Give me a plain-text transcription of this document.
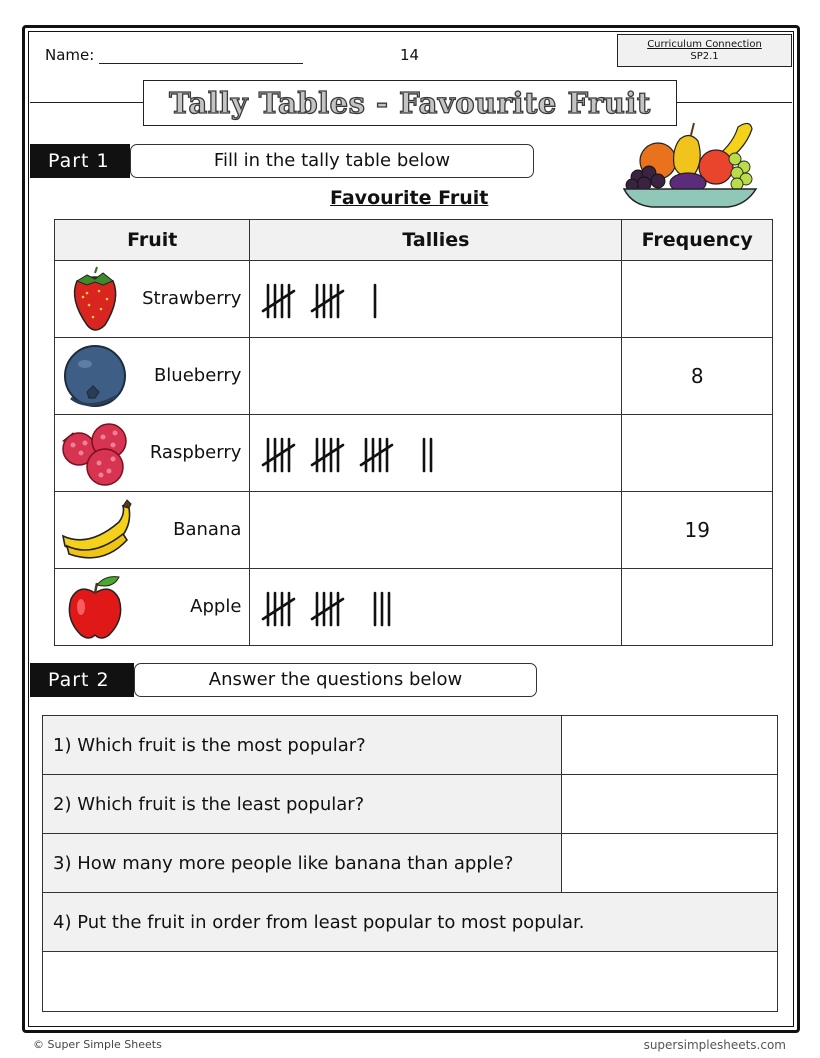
Name:	14
Curriculum Connection
SP2.1
Tally Tables - Favourite Fruit
Part 1	Fill in the tally table below
Favourite Fruit
Fruit	Tallies	Frequency

Strawberry

Blueberry		8

Raspberry

Banana		19

Apple

Part 2	Answer the questions below
1) Which fruit is the most popular?	
2) Which fruit is the least popular?	
3) How many more people like banana than apple?	
4) Put the fruit in order from least popular to most popular.	

© Super Simple Sheets	supersimplesheets.com
